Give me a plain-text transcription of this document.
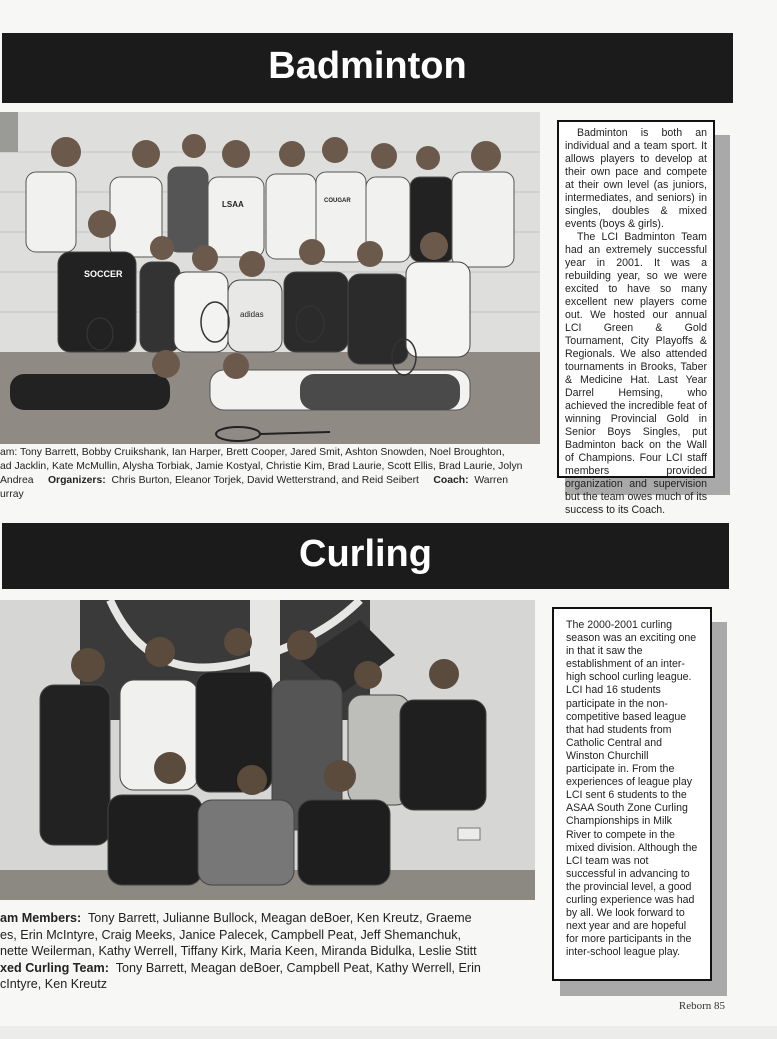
Badminton
SOCCER
adidas
LSAA	COUGAR

Badminton is both an individual and a team sport. It allows players to develop at their own pace and compete at their own level (as juniors, intermediates, and seniors) in singles, doubles & mixed events (boys & girls).

The LCI Badminton Team had an extremely successful year in 2001. It was a rebuilding year, so we were excited to have so many excellent new players come out. We hosted our annual LCI Green & Gold Tournament, City Playoffs & Regionals. We also attended tournaments in Brooks, Taber & Medicine Hat. Last Year Darrel Hemsing, who achieved the incredible feat of winning Provincial Gold in Senior Boys Singles, put Badminton back on the Wall of Champions. Four LCI staff members provided organization and supervision but the team owes much of its success to its Coach.

am: Tony Barrett, Bobby Cruikshank, Ian Harper, Brett Cooper, Jared Smit, Ashton Snowden, Noel Broughton,
ad Jacklin, Kate McMullin, Alysha Torbiak, Jamie Kostyal, Christie Kim, Brad Laurie, Scott Ellis, Brad Laurie, Jolyn
Andrea Organizers: Chris Burton, Eleanor Torjek, David Wetterstrand, and Reid Seibert Coach: Warren
urray
Curling
The 2000-2001 curling season was an exciting one in that it saw the establishment of an inter-high school curling league. LCI had 16 students participate in the non-competitive based league that had students from Catholic Central and Winston Churchill participate in. From the experiences of league play LCI sent 6 students to the ASAA South Zone Curling Championships in Milk River to compete in the mixed division. Although the LCI team was not successful in advancing to the provincial level, a good curling experience was had by all. We look forward to next year and are hopeful for more participants in the inter-school league play.
am Members: Tony Barrett, Julianne Bullock, Meagan deBoer, Ken Kreutz, Graeme
es, Erin McIntyre, Craig Meeks, Janice Palecek, Campbell Peat, Jeff Shemanchuk,
nette Weilerman, Kathy Werrell, Tiffany Kirk, Maria Keen, Miranda Bidulka, Leslie Stitt
xed Curling Team: Tony Barrett, Meagan deBoer, Campbell Peat, Kathy Werrell, Erin
cIntyre, Ken Kreutz
Reborn 85
